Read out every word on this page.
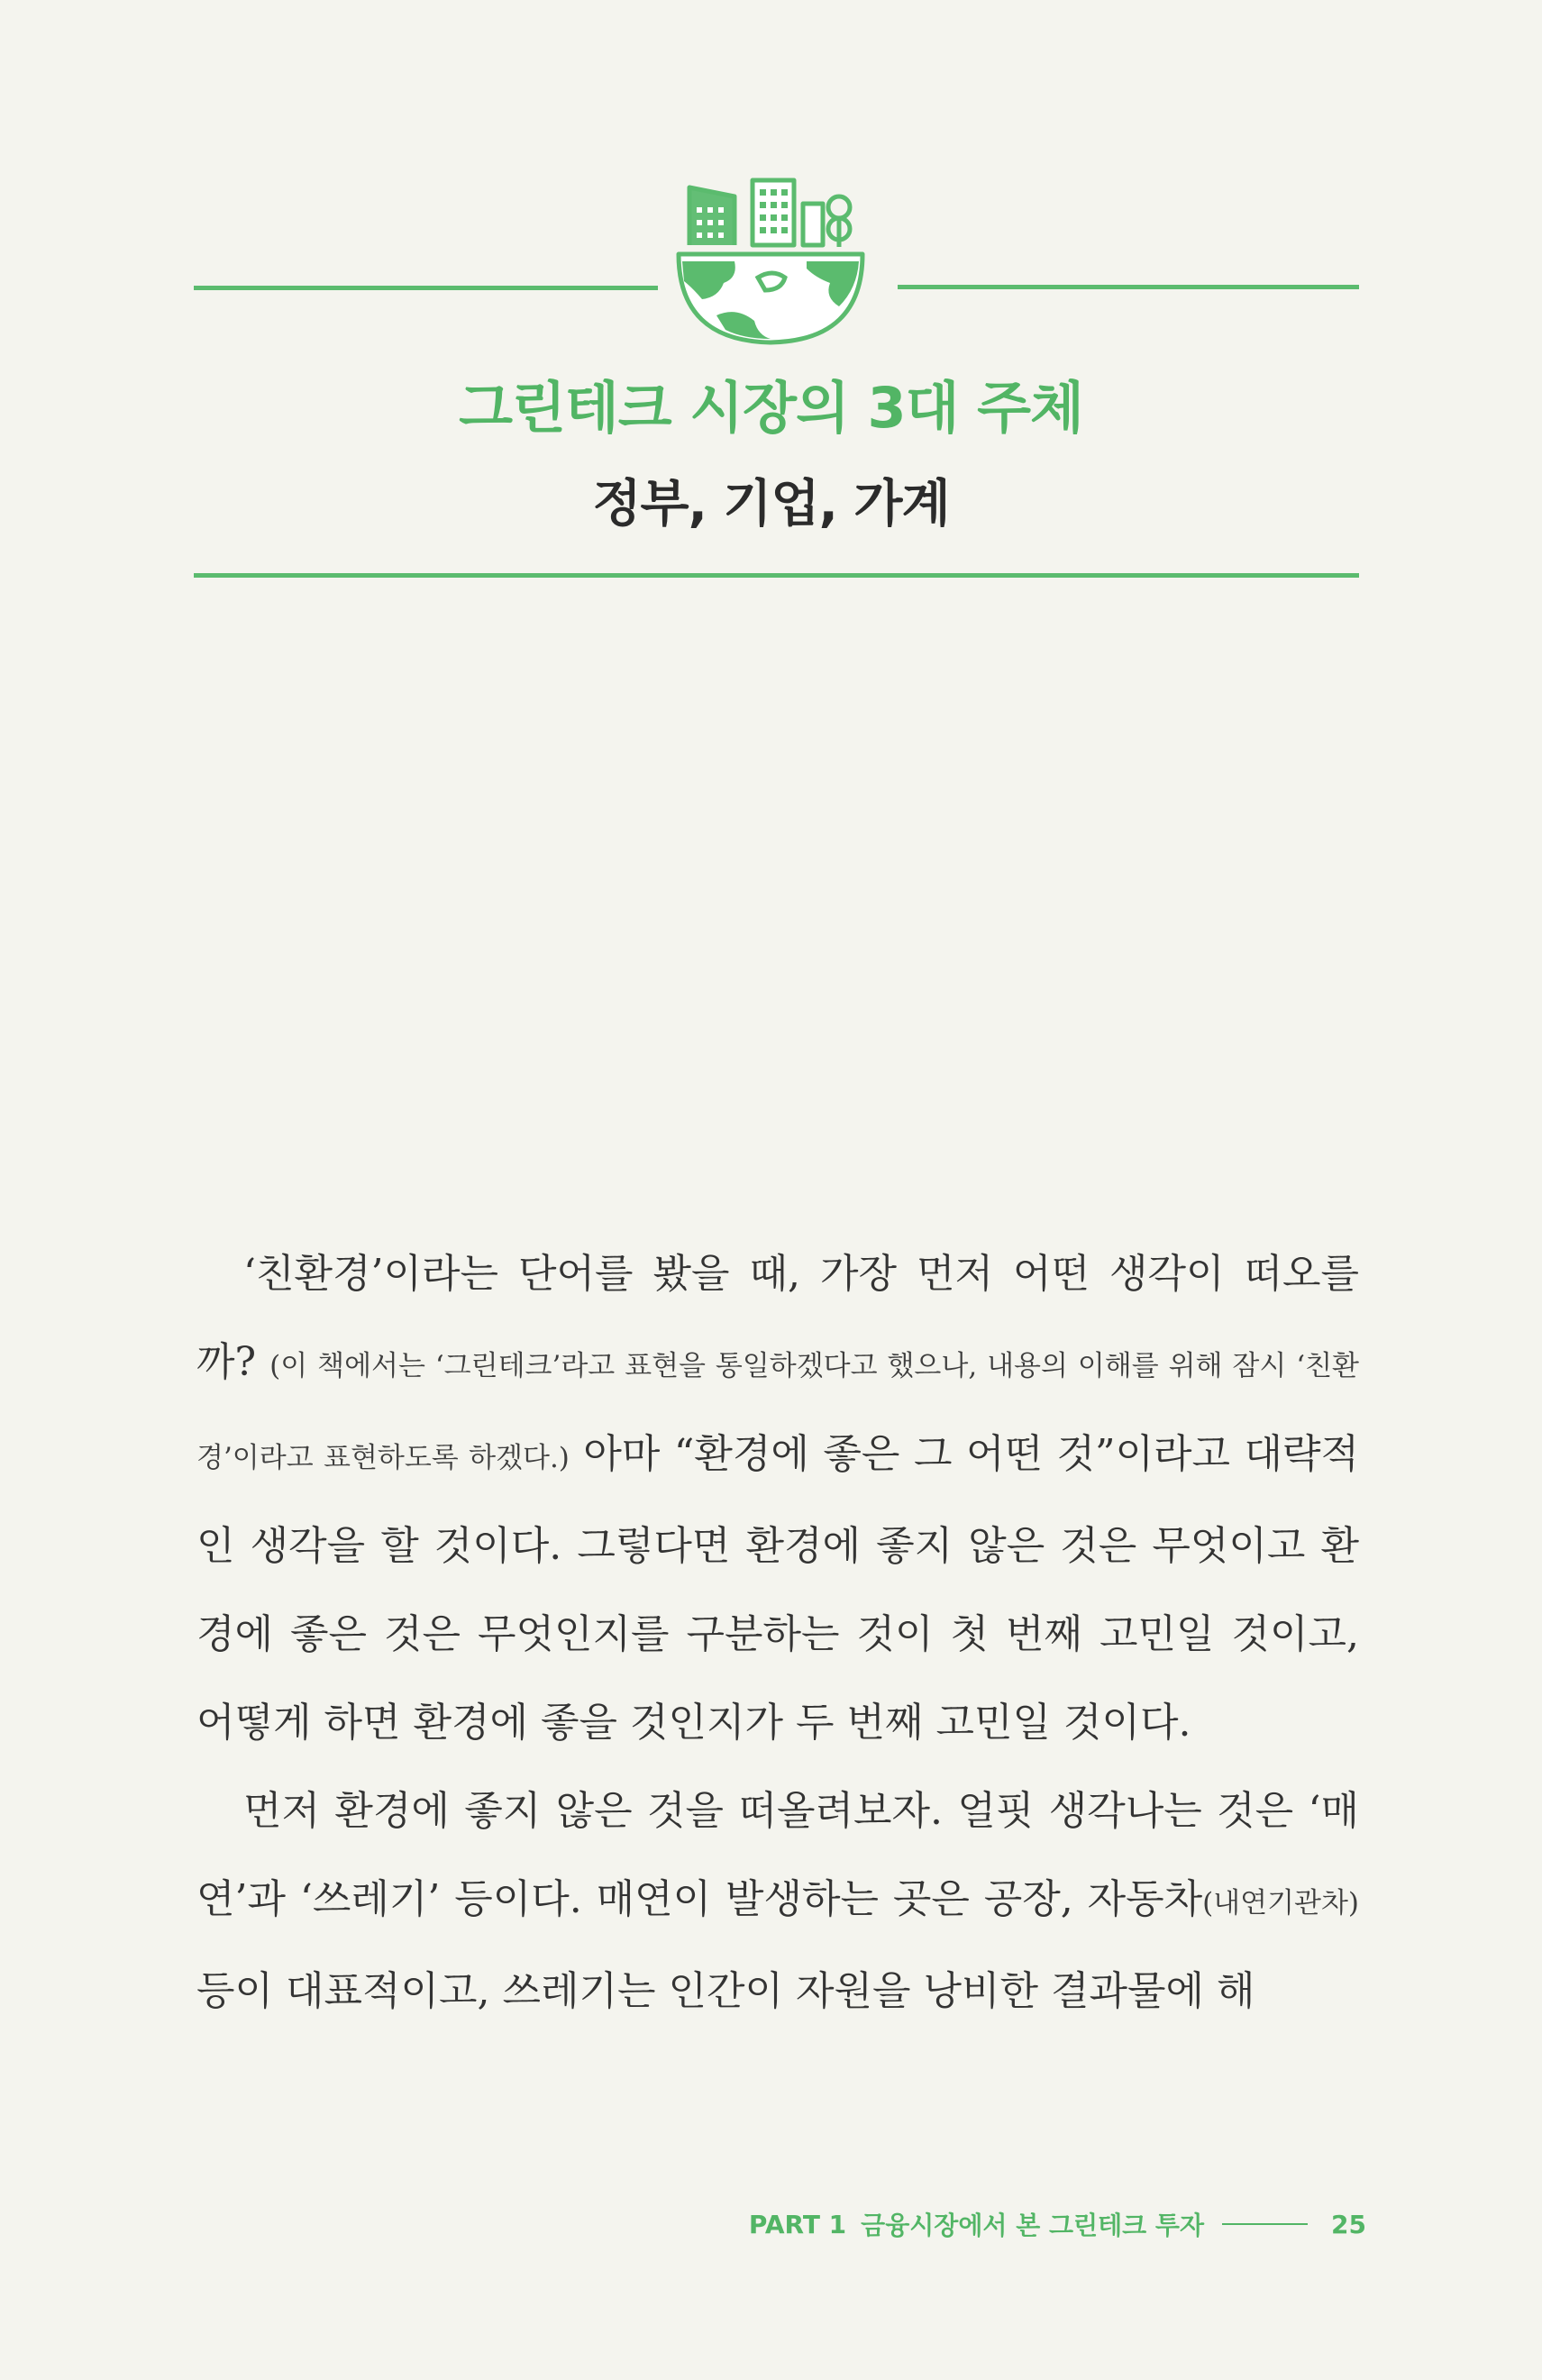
그린테크 시장의 3대 주체
정부, 기업, 가계

‘친환경’이라는 단어를 봤을 때, 가장 먼저 어떤 생각이 떠오를까? (이 책에서는 ‘그린테크’라고 표현을 통일하겠다고 했으나, 내용의 이해를 위해 잠시 ‘친환경’이라고 표현하도록 하겠다.) 아마 “환경에 좋은 그 어떤 것”이라고 대략적인 생각을 할 것이다. 그렇다면 환경에 좋지 않은 것은 무엇이고 환경에 좋은 것은 무엇인지를 구분하는 것이 첫 번째 고민일 것이고, 어떻게 하면 환경에 좋을 것인지가 두 번째 고민일 것이다.

먼저 환경에 좋지 않은 것을 떠올려보자. 얼핏 생각나는 것은 ‘매연’과 ‘쓰레기’ 등이다. 매연이 발생하는 곳은 공장, 자동차(내연기관차) 등이 대표적이고, 쓰레기는 인간이 자원을 낭비한 결과물에 해

PART 1 금융시장에서 본 그린테크 투자	25
